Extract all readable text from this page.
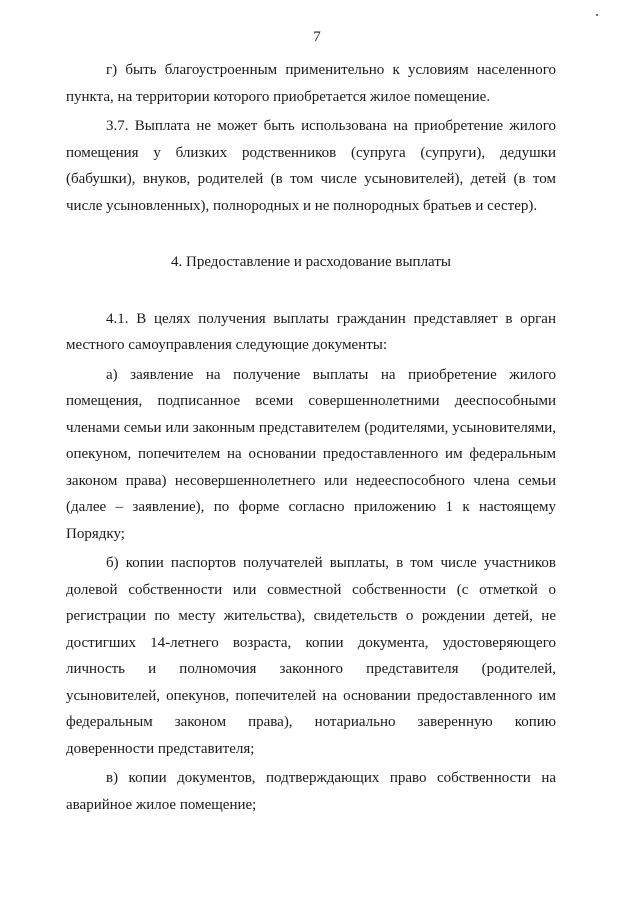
7

г) быть благоустроенным применительно к условиям населенного пункта, на территории которого приобретается жилое помещение.

3.7. Выплата не может быть использована на приобретение жилого помещения у близких родственников (супруга (супруги), дедушки (бабушки), внуков, родителей (в том числе усыновителей), детей (в том числе усыновленных), полнородных и не полнородных братьев и сестер).

4. Предоставление и расходование выплаты

4.1. В целях получения выплаты гражданин представляет в орган местного самоуправления следующие документы:

а) заявление на получение выплаты на приобретение жилого помещения, подписанное всеми совершеннолетними дееспособными членами семьи или законным представителем (родителями, усыновителями, опекуном, попечителем на основании предоставленного им федеральным законом права) несовершеннолетнего или недееспособного члена семьи (далее – заявление), по форме согласно приложению 1 к настоящему Порядку;

б) копии паспортов получателей выплаты, в том числе участников долевой собственности или совместной собственности (с отметкой о регистрации по месту жительства), свидетельств о рождении детей, не достигших 14-летнего возраста, копии документа, удостоверяющего личность и полномочия законного представителя (родителей, усыновителей, опекунов, попечителей на основании предоставленного им федеральным законом права), нотариально заверенную копию доверенности представителя;

в) копии документов, подтверждающих право собственности на аварийное жилое помещение;
